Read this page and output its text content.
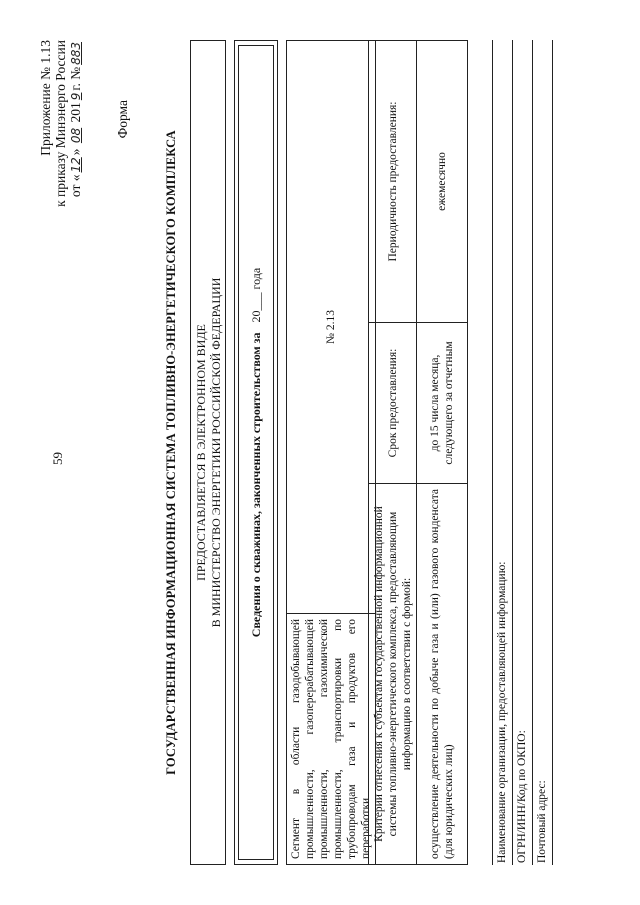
59
Приложение № 1.13 к приказу Минэнерго России от «12» 08 2019г. №883
Форма
ГОСУДАРСТВЕННАЯ ИНФОРМАЦИОННАЯ СИСТЕМА ТОПЛИВНО-ЭНЕРГЕТИЧЕСКОГО КОМПЛЕКСА ПРЕДОСТАВЛЯЕТСЯ В ЭЛЕКТРОННОМ ВИДЕ В МИНИСТЕРСТВО ЭНЕРГЕТИКИ РОССИЙСКОЙ ФЕДЕРАЦИИ Сведения о скважинах, законченных строительством за
20___ года
Сегмент в области газодобывающей промышленности, газоперерабатывающей промышленности, газохимической промышленности, транспортировки по трубопроводам газа и продуктов его переработки	№ 2.13
Критерии отнесения к субъектам государственной информационной системы топливно-энергетического комплекса, предоставляющим информацию в соответствии с формой:	Срок предоставления:	Периодичность предоставления:
осуществление деятельности по добыче газа и (или) газового конденсата (для юридических лиц)	до 15 числа месяца, следующего за отчетным	ежемесячно
Наименование организации, предоставляющей информацию: ОГРН/ИНН/Код по ОКПО: Почтовый адрес:
